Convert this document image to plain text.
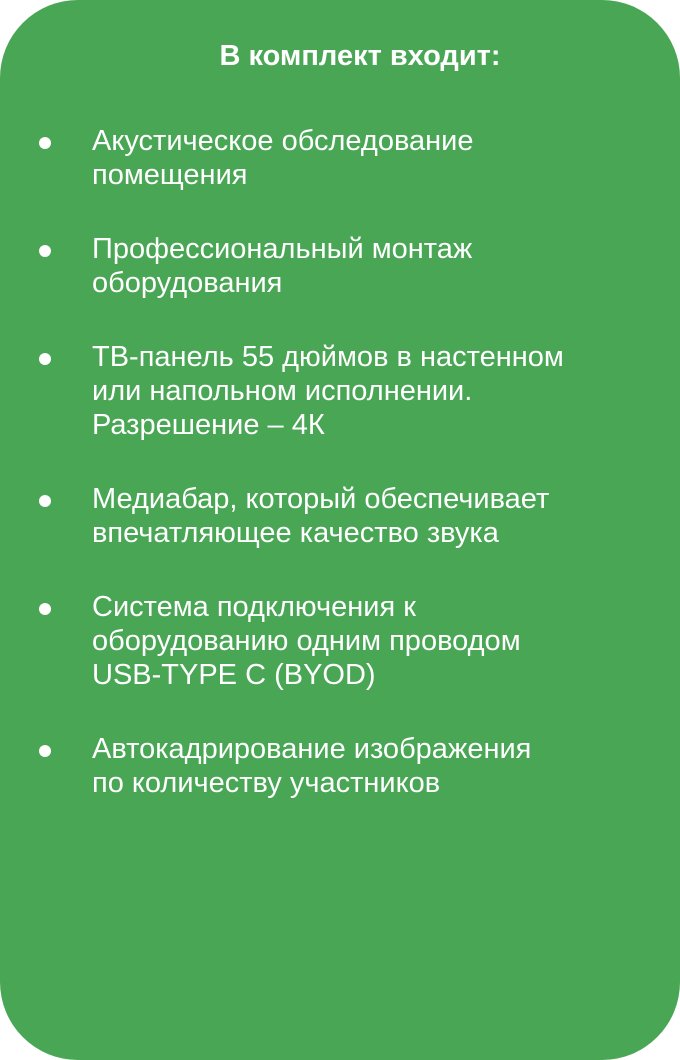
В комплект входит:
Акустическое обследование
помещения
Профессиональный монтаж
оборудования
ТВ-панель 55 дюймов в настенном
или напольном исполнении.
Разрешение – 4К
Медиабар, который обеспечивает
впечатляющее качество звука
Система подключения к
оборудованию одним проводом
USB-TYPE C (BYOD)
Автокадрирование изображения
по количеству участников
